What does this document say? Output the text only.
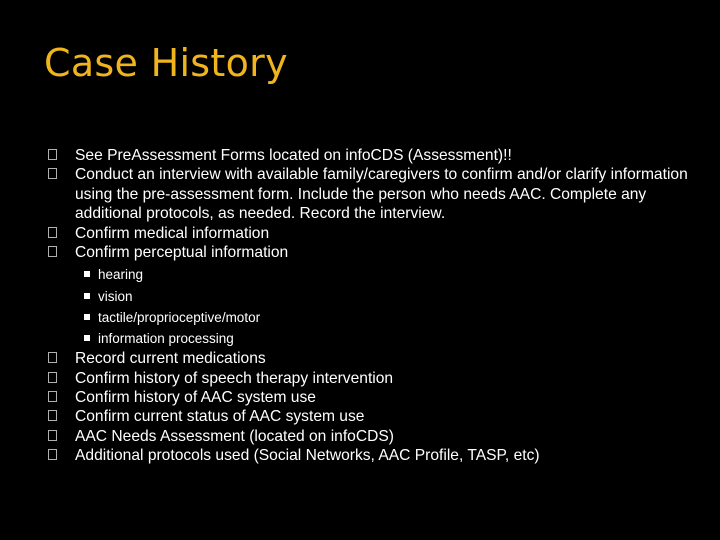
Case History
See PreAssessment Forms located on infoCDS (Assessment)!!
Conduct an interview with available family/caregivers to confirm and/or clarify information using the pre-assessment form. Include the person who needs AAC. Complete any additional protocols, as needed. Record the interview.
Confirm medical information
Confirm perceptual information
hearing
vision
tactile/proprioceptive/motor
information processing
Record current medications
Confirm history of speech therapy intervention
Confirm history of AAC system use
Confirm current status of AAC system use
AAC Needs Assessment (located on infoCDS)
Additional protocols used (Social Networks, AAC Profile, TASP, etc)
